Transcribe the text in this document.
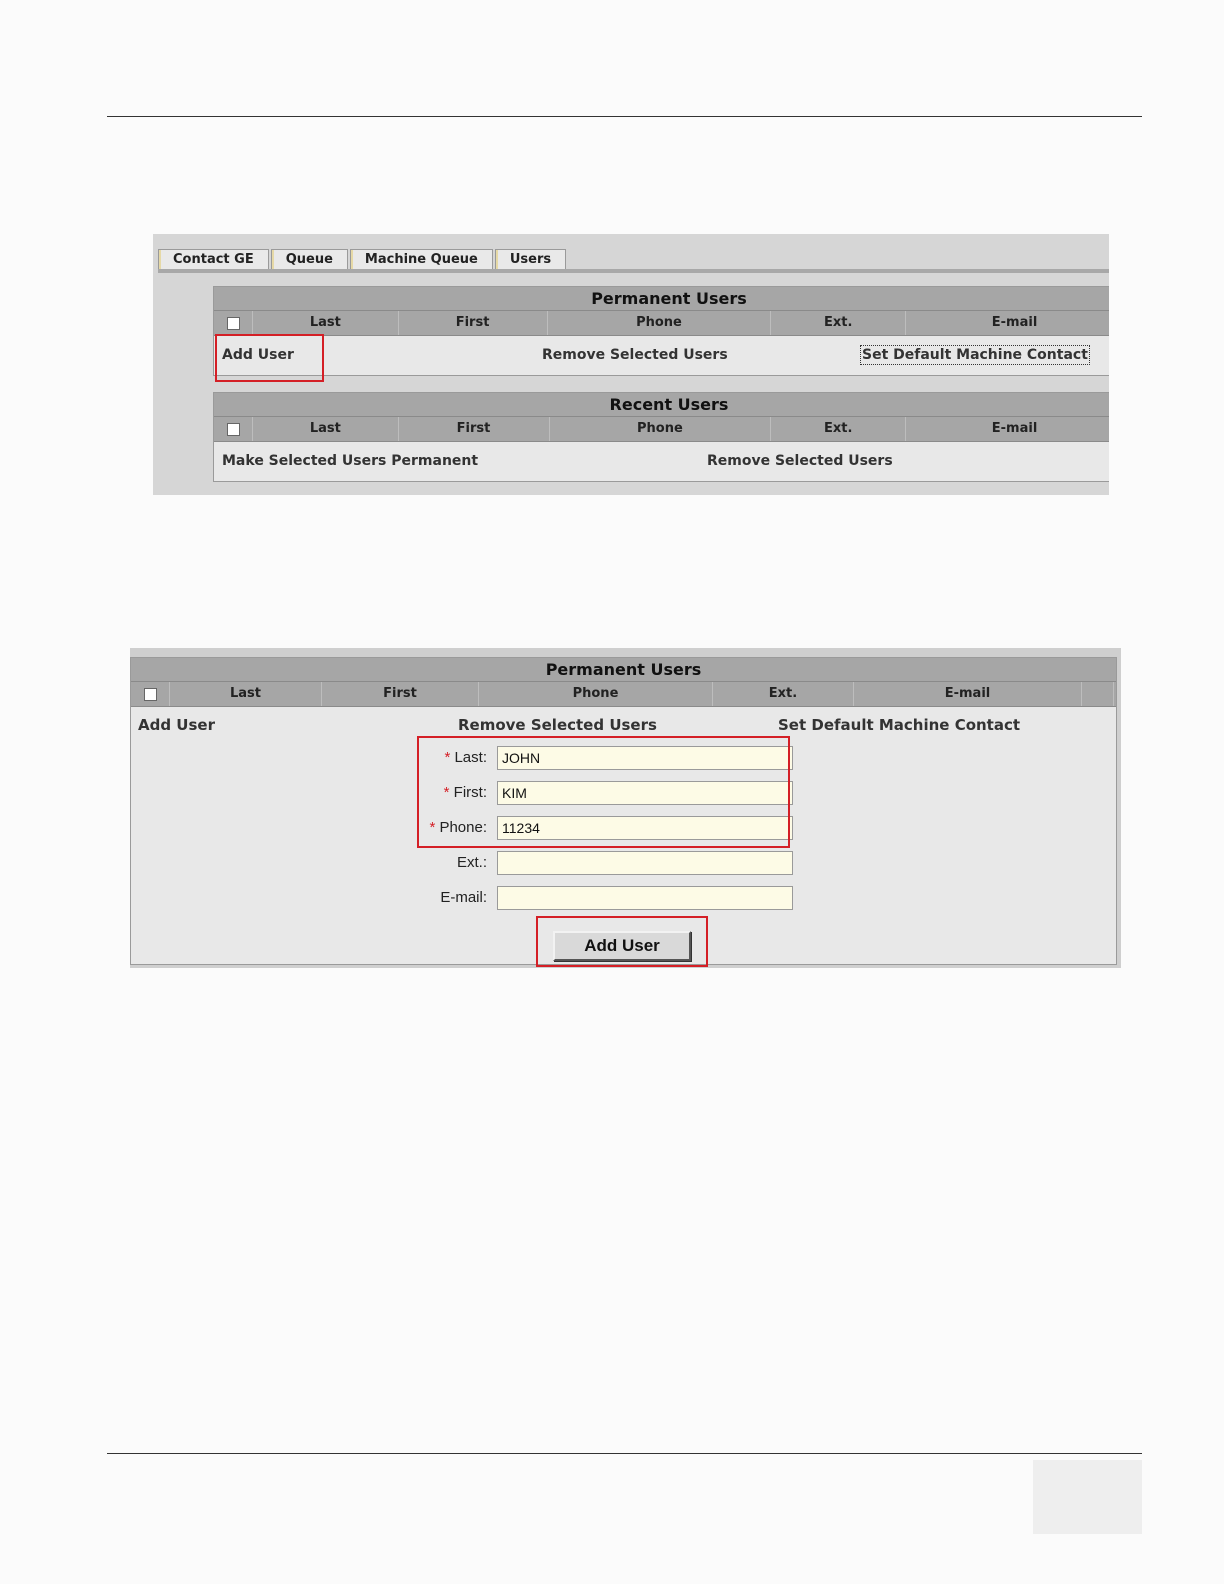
Contact GE	Queue	Machine Queue	Users
Permanent Users
Last	First	Phone	Ext.	E-mail
Add User	Remove Selected Users	Set Default Machine Contact
Recent Users
Last	First	Phone	Ext.	E-mail
Make Selected Users Permanent	Remove Selected Users
Permanent Users
Last	First	Phone	Ext.	E-mail
Add User	Remove Selected Users	Set Default Machine Contact
* Last:	JOHN
* First:	KIM
* Phone:	11234
Ext.:
E-mail:
Add User
